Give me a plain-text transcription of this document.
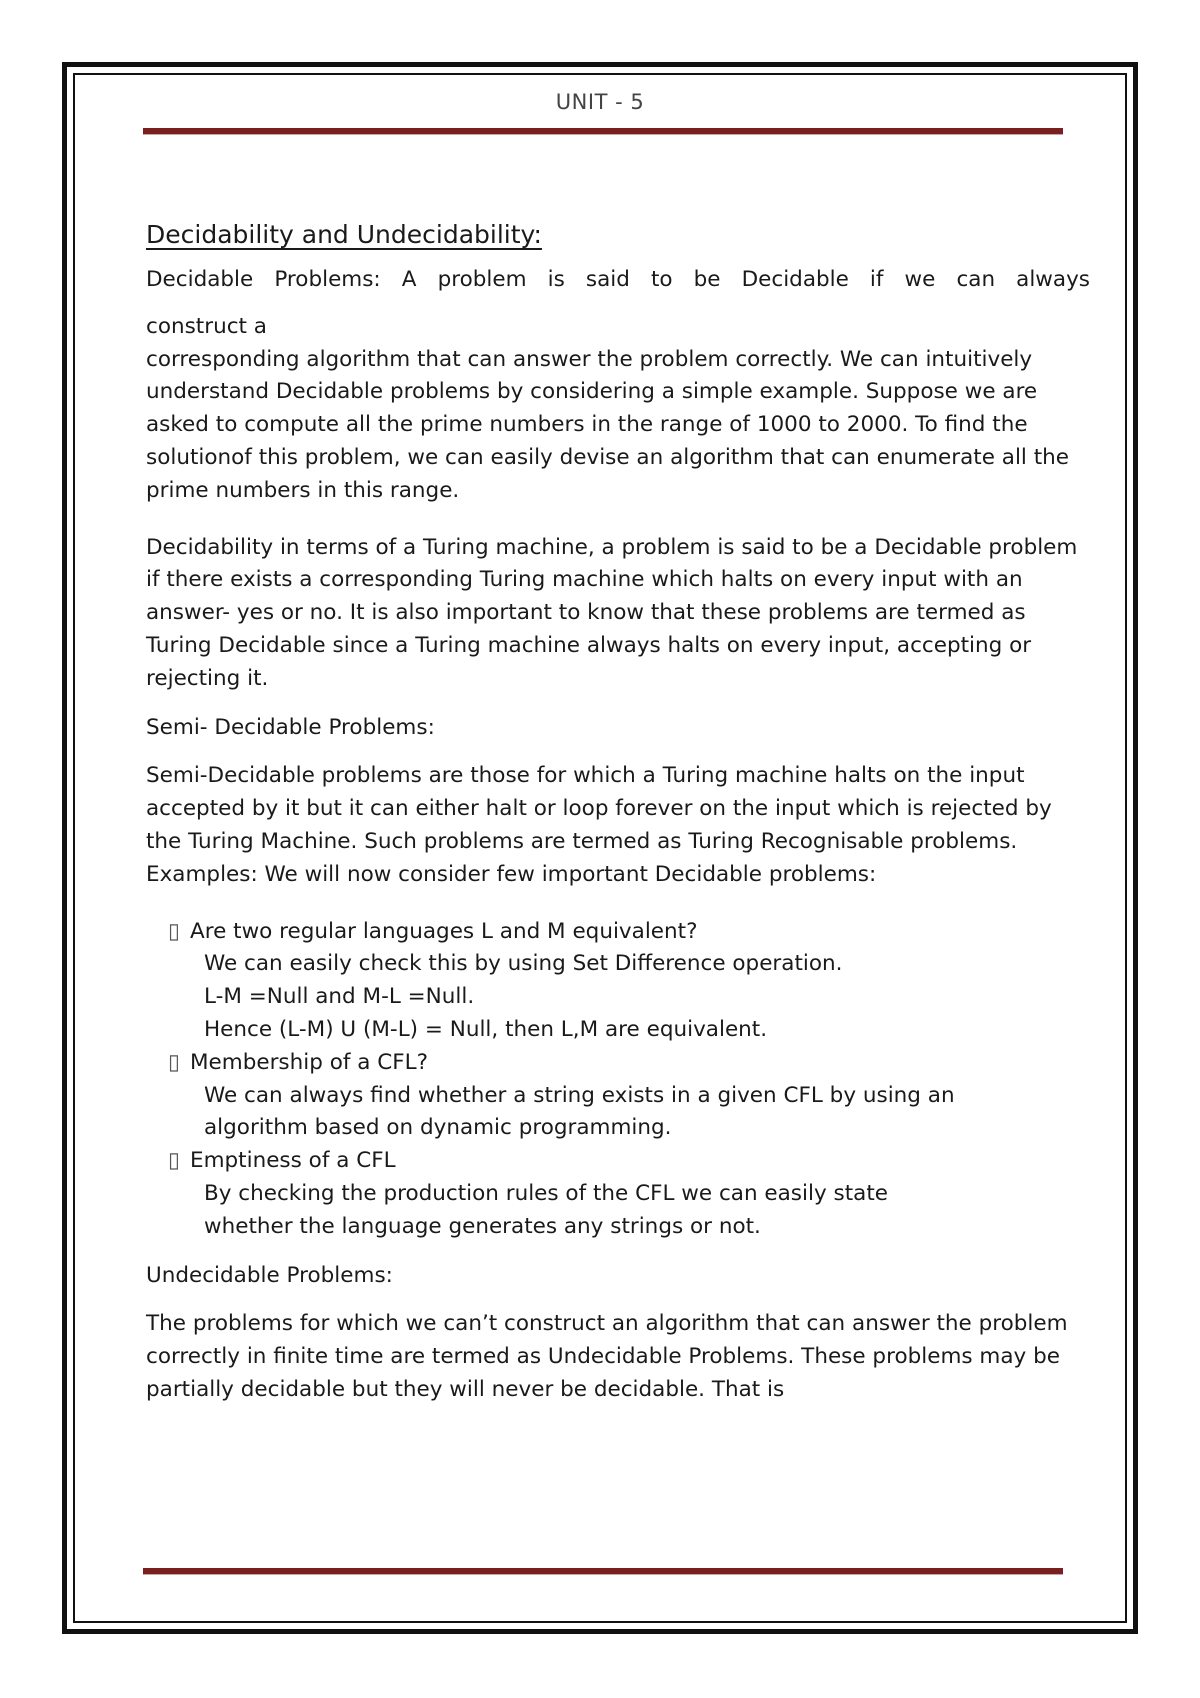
UNIT - 5
Decidability and Undecidability:

Decidable Problems: A problem is said to be Decidable if we can always

construct a

corresponding algorithm that can answer the problem correctly. We can intuitively understand Decidable problems by considering a simple example. Suppose we are asked to compute all the prime numbers in the range of 1000 to 2000. To find the solutionof this problem, we can easily devise an algorithm that can enumerate all the prime numbers in this range.

Decidability in terms of a Turing machine, a problem is said to be a Decidable problem if there exists a corresponding Turing machine which halts on every input with an answer- yes or no. It is also important to know that these problems are termed as Turing Decidable since a Turing machine always halts on every input, accepting or rejecting it.

Semi- Decidable Problems:

Semi-Decidable problems are those for which a Turing machine halts on the input accepted by it but it can either halt or loop forever on the input which is rejected by the Turing Machine. Such problems are termed as Turing Recognisable problems.

Examples: We will now consider few important Decidable problems:

▯ Are two regular languages L and M equivalent?

We can easily check this by using Set Difference operation.

L-M =Null and M-L =Null.

Hence (L-M) U (M-L) = Null, then L,M are equivalent.

▯ Membership of a CFL?

We can always find whether a string exists in a given CFL by using an

algorithm based on dynamic programming.

▯ Emptiness of a CFL

By checking the production rules of the CFL we can easily state

whether the language generates any strings or not.

Undecidable Problems:

The problems for which we can’t construct an algorithm that can answer the problem correctly in finite time are termed as Undecidable Problems. These problems may be partially decidable but they will never be decidable. That is
